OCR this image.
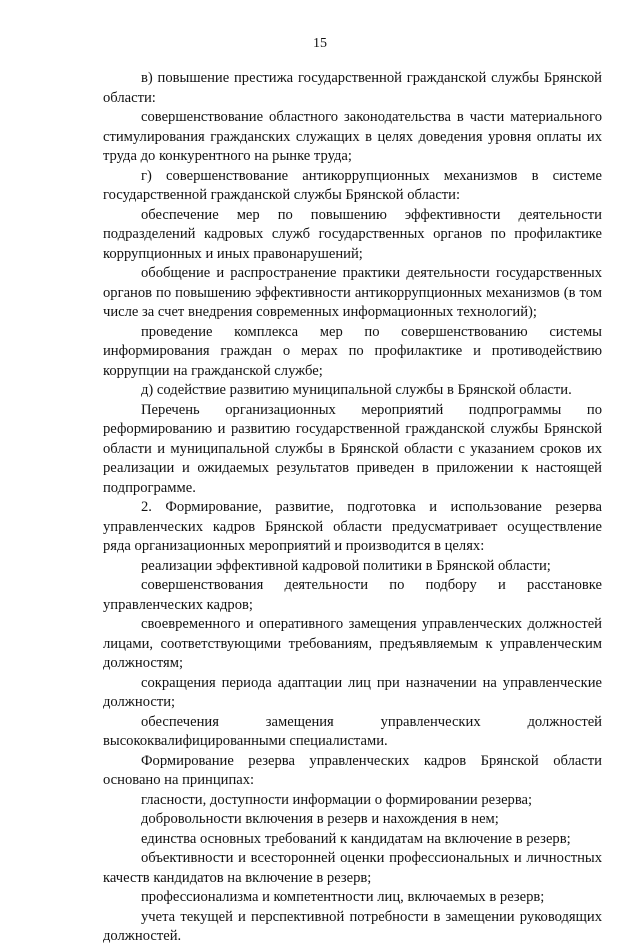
15

в) повышение престижа государственной гражданской службы Брянской области:

совершенствование областного законодательства в части материального стимулирования гражданских служащих в целях доведения уровня оплаты их труда до конкурентного на рынке труда;

г) совершенствование антикоррупционных механизмов в системе государственной гражданской службы Брянской области:

обеспечение мер по повышению эффективности деятельности подразделений кадровых служб государственных органов по профилактике коррупционных и иных правонарушений;

обобщение и распространение практики деятельности государственных органов по повышению эффективности антикоррупционных механизмов (в том числе за счет внедрения современных информационных технологий);

проведение комплекса мер по совершенствованию системы информирования граждан о мерах по профилактике и противодействию коррупции на гражданской службе;

д) содействие развитию муниципальной службы в Брянской области.

Перечень организационных мероприятий подпрограммы по реформированию и развитию государственной гражданской службы Брянской области и муниципальной службы в Брянской области с указанием сроков их реализации и ожидаемых результатов приведен в приложении к настоящей подпрограмме.

2. Формирование, развитие, подготовка и использование резерва управленческих кадров Брянской области предусматривает осуществление ряда организационных мероприятий и производится в целях:

реализации эффективной кадровой политики в Брянской области;

совершенствования деятельности по подбору и расстановке управленческих кадров;

своевременного и оперативного замещения управленческих должностей лицами, соответствующими требованиям, предъявляемым к управленческим должностям;

сокращения периода адаптации лиц при назначении на управленческие должности;

обеспечения замещения управленческих должностей высококвалифицированными специалистами.

Формирование резерва управленческих кадров Брянской области основано на принципах:

гласности, доступности информации о формировании резерва;

добровольности включения в резерв и нахождения в нем;

единства основных требований к кандидатам на включение в резерв;

объективности и всесторонней оценки профессиональных и личностных качеств кандидатов на включение в резерв;

профессионализма и компетентности лиц, включаемых в резерв;

учета текущей и перспективной потребности в замещении руководящих должностей.
